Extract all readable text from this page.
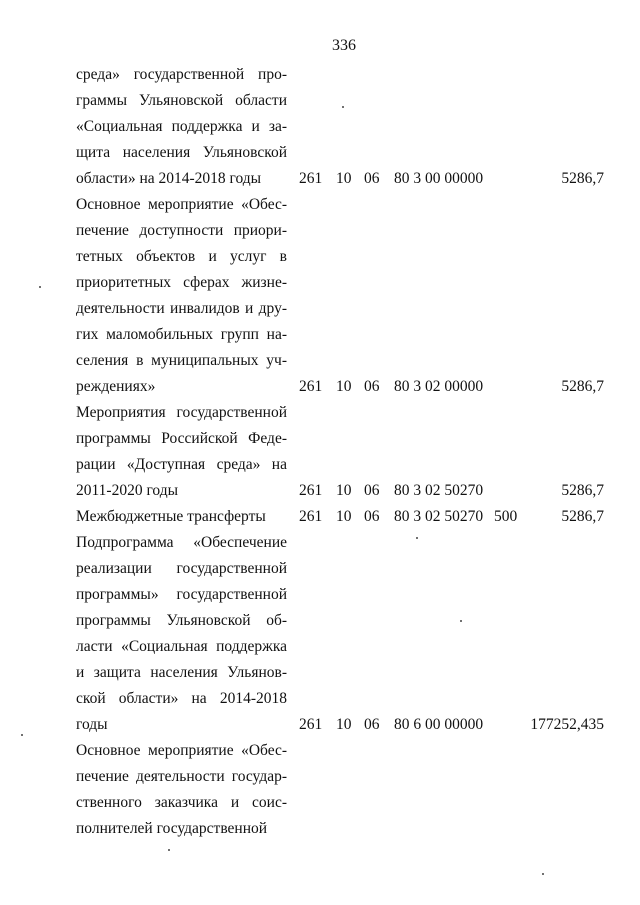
336
среда» государственной про-
граммы Ульяновской области
«Социальная поддержка и за-
щита населения Ульяновской
области» на 2014-2018 годы	261 10 06 80 3 00 00000	5286,7
Основное мероприятие «Обес-
печение доступности приори-
тетных объектов и услуг в
приоритетных сферах жизне-
деятельности инвалидов и дру-
гих маломобильных групп на-
селения в муниципальных уч-
реждениях»	261 10 06 80 3 02 00000	5286,7
Мероприятия государственной
программы Российской Феде-
рации «Доступная среда» на
2011-2020 годы	261 10 06 80 3 02 50270	5286,7
Межбюджетные трансферты	261 10 06 80 3 02 50270 500	5286,7
Подпрограмма «Обеспечение
реализации государственной
программы» государственной
программы Ульяновской об-
ласти «Социальная поддержка
и защита населения Ульянов-
ской области» на 2014-2018
годы	261 10 06 80 6 00 00000	177252,435
Основное мероприятие «Обес-
печение деятельности государ-
ственного заказчика и соис-
полнителей государственной
